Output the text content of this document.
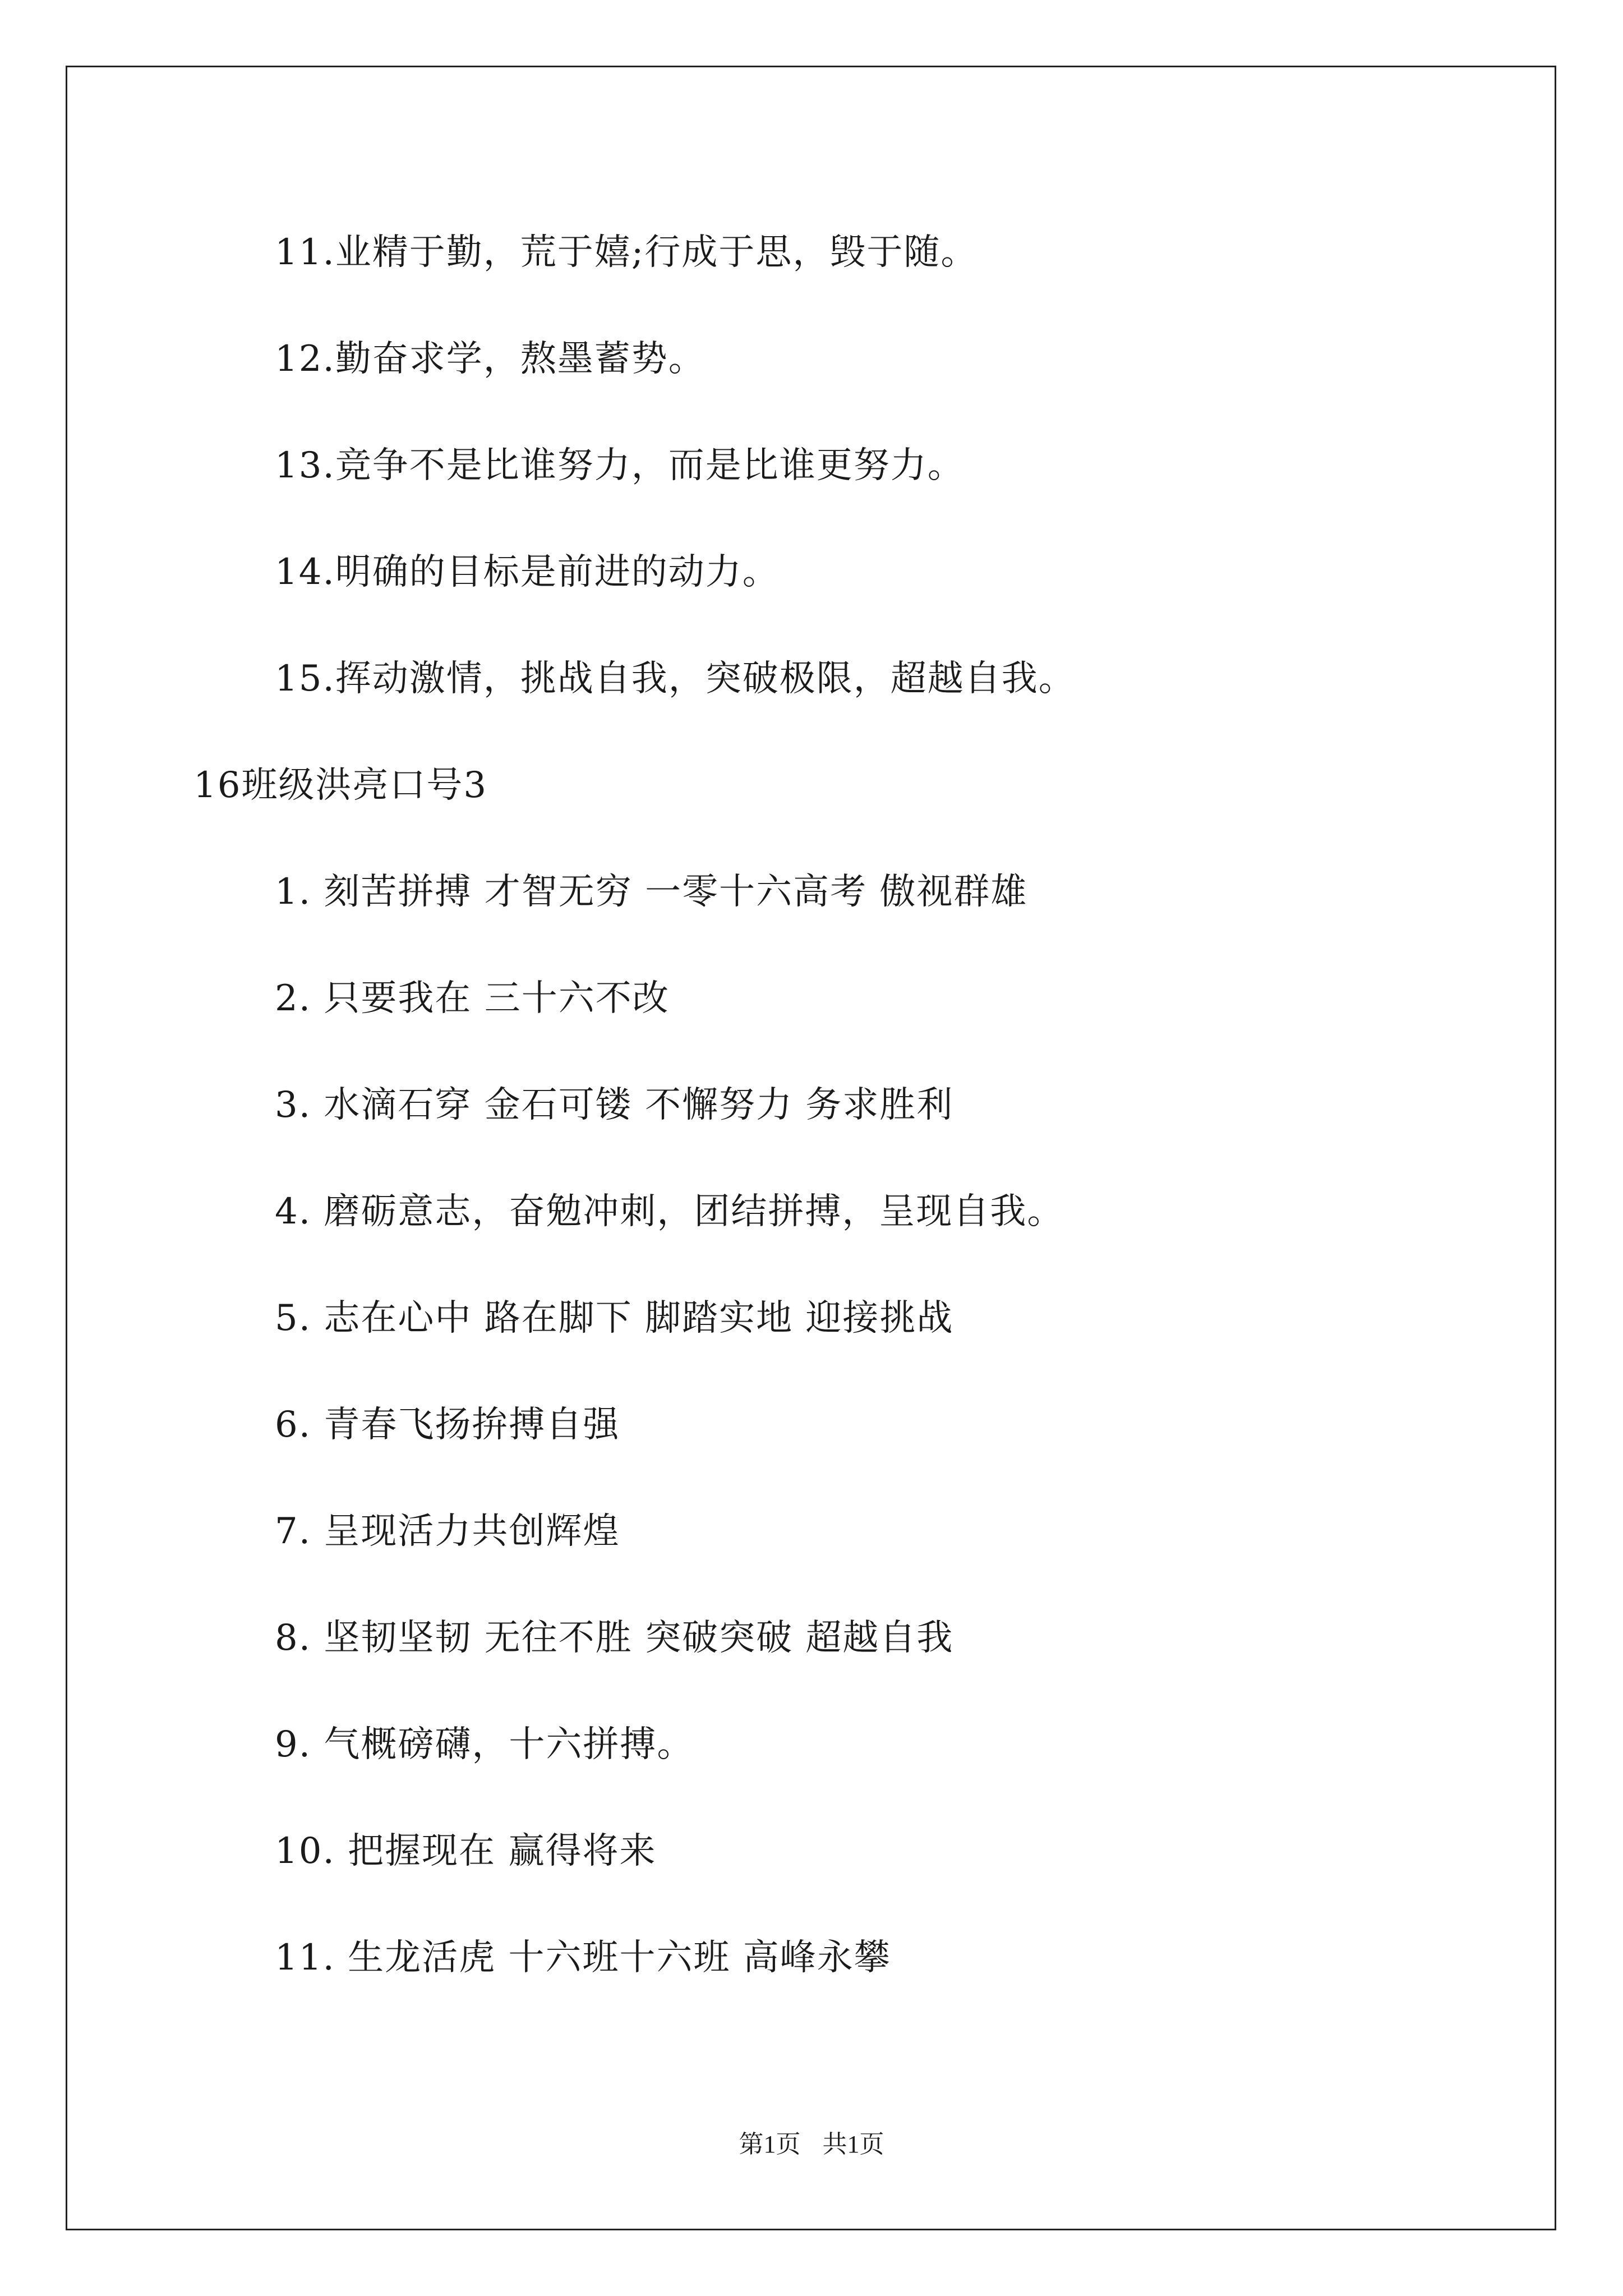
11.业精于勤，荒于嬉;行成于思，毁于随。
12.勤奋求学，熬墨蓄势。
13.竞争不是比谁努力，而是比谁更努力。
14.明确的目标是前进的动力。
15.挥动激情，挑战自我，突破极限，超越自我。
16班级洪亮口号3
1. 刻苦拼搏 才智无穷 一零十六高考 傲视群雄
2. 只要我在 三十六不改
3. 水滴石穿 金石可镂 不懈努力 务求胜利
4. 磨砺意志，奋勉冲刺，团结拼搏，呈现自我。
5. 志在心中 路在脚下 脚踏实地 迎接挑战
6. 青春飞扬拚搏自强
7. 呈现活力共创辉煌
8. 坚韧坚韧 无往不胜 突破突破 超越自我
9. 气概磅礴，十六拼搏。
10. 把握现在 赢得将来
11. 生龙活虎 十六班十六班 高峰永攀
第1页 共1页
